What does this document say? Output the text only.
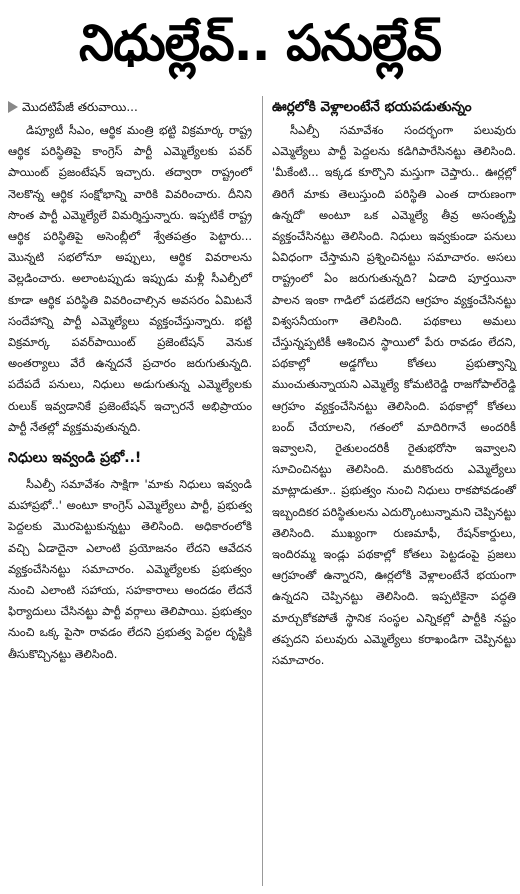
నిధుల్లేవ్‌.. పనుల్లేవ్‌
మొదటిపేజీ తరువాయి...

డిప్యూటీ సీఎం, ఆర్థిక మంత్రి భట్టి విక్రమార్క రాష్ట్ర ఆర్థిక పరిస్థితిపై కాంగ్రెస్‌ పార్టీ ఎమ్మెల్యేలకు పవర్‌ పాయింట్‌ ప్రజంటేషన్‌ ఇచ్చారు. తద్వారా రాష్ట్రంలో నెలకొన్న ఆర్థిక సంక్షోభాన్ని వారికి వివరించారు. దీనిని సొంత పార్టీ ఎమ్మెల్యేలే విమర్శిస్తున్నారు. ఇప్పటికే రాష్ట్ర ఆర్థిక పరిస్థితిపై అసెంబ్లీలో శ్వేతపత్రం పెట్టారు... మొన్నటి సభలోనూ అప్పులు, ఆర్థిక వివరాలను వెల్లడించారు. అలాంటప్పుడు ఇప్పుడు మళ్లీ సీఎల్పీలో కూడా ఆర్థిక పరిస్థితి వివరించాల్సిన అవసరం ఏమిటనే సందేహాన్ని పార్టీ ఎమ్మెల్యేలు వ్యక్తంచేస్తున్నారు. భట్టి విక్రమార్క పవర్‌పాయింట్‌ ప్రజెంటేషన్‌ వెనుక అంతర్యాలు వేరే ఉన్నదనే ప్రచారం జరుగుతున్నది. పదేపదే పనులు, నిధులు అడుగుతున్న ఎమ్మెల్యేలకు రులుక్‌ ఇవ్వడానికే ప్రజెంటేషన్‌ ఇచ్చారనే అభిప్రాయం పార్టీ నేతల్లో వ్యక్తమవుతున్నది.

నిధులు ఇవ్వండి ప్రభో..!

సీఎల్పీ సమావేశం సాక్షిగా 'మాకు నిధులు ఇవ్వండి మహాప్రభో..' అంటూ కాంగ్రెస్‌ ఎమ్మెల్యేలు పార్టీ, ప్రభుత్వ పెద్దలకు మొరపెట్టుకున్నట్టు తెలిసింది. అధికారంలోకి వచ్చి ఏడాదైనా ఎలాంటి ప్రయోజనం లేదని ఆవేదన వ్యక్తంచేసినట్టు సమాచారం. ఎమ్మెల్యేలకు ప్రభుత్వం నుంచి ఎలాంటి సహాయ, సహకారాలు అందడం లేదనే ఫిర్యాదులు చేసినట్టు పార్టీ వర్గాలు తెలిపాయి. ప్రభుత్వం నుంచి ఒక్క పైసా రావడం లేదని ప్రభుత్వ పెద్దల దృష్టికి తీసుకొచ్చినట్టు తెలిసింది.

ఊర్లలోకి వెళ్లాలంటేనే భయపడుతున్నం

సీఎల్పీ సమావేశం సందర్భంగా పలువురు ఎమ్మెల్యేలు పార్టీ పెద్దలను కడిగిపారేసినట్టు తెలిసింది. 'మీకేంటి... ఇక్కడ కూర్చొని మస్తుగా చెప్తారు.. ఊర్లల్లో తిరిగే మాకు తెలుస్తుంది పరిస్థితి ఎంత దారుణంగా ఉన్నదో' అంటూ ఒక ఎమ్మెల్యే తీవ్ర అసంతృప్తి వ్యక్తంచేసినట్టు తెలిసింది. నిధులు ఇవ్వకుండా పనులు ఏవిధంగా చేస్తామని ప్రశ్నించినట్టు సమాచారం. అసలు రాష్ట్రంలో ఏం జరుగుతున్నది? ఏడాది పూర్తయినా పాలన ఇంకా గాడిలో పడలేదని ఆగ్రహం వ్యక్తంచేసినట్టు విశ్వసనీయంగా తెలిసింది. పథకాలు అమలు చేస్తున్నప్పటికీ ఆశించిన స్థాయిలో పేరు రావడం లేదని, పథకాల్లో అడ్డగోలు కోతలు ప్రభుత్వాన్ని ముంచుతున్నాయని ఎమ్మెల్యే కోమటిరెడ్డి రాజగోపాల్‌రెడ్డి ఆగ్రహం వ్యక్తంచేసినట్టు తెలిసింది. పథకాల్లో కోతలు బంద్‌ చేయాలని, గతంలో మాదిరిగానే అందరికీ ఇవ్వాలని, రైతులందరికీ రైతుభరోసా ఇవ్వాలని సూచించినట్టు తెలిసింది. మరికొందరు ఎమ్మెల్యేలు మాట్లాడుతూ.. ప్రభుత్వం నుంచి నిధులు రాకపోవడంతో ఇబ్బందికర పరిస్థితులను ఎదుర్కొంటున్నామని చెప్పినట్టు తెలిసింది. ముఖ్యంగా రుణమాఫీ, రేషన్‌కార్డులు, ఇందిరమ్మ ఇండ్లు పథకాల్లో కోతలు పెట్టడంపై ప్రజలు ఆగ్రహంతో ఉన్నారని, ఊర్లలోకి వెళ్లాలంటేనే భయంగా ఉన్నదని చెప్పినట్టు తెలిసింది. ఇప్పటికైనా పద్ధతి మార్చుకోకపోతే స్థానిక సంస్థల ఎన్నికల్లో పార్టీకి నష్టం తప్పదని పలువురు ఎమ్మెల్యేలు కరాఖండిగా చెప్పినట్టు సమాచారం.
